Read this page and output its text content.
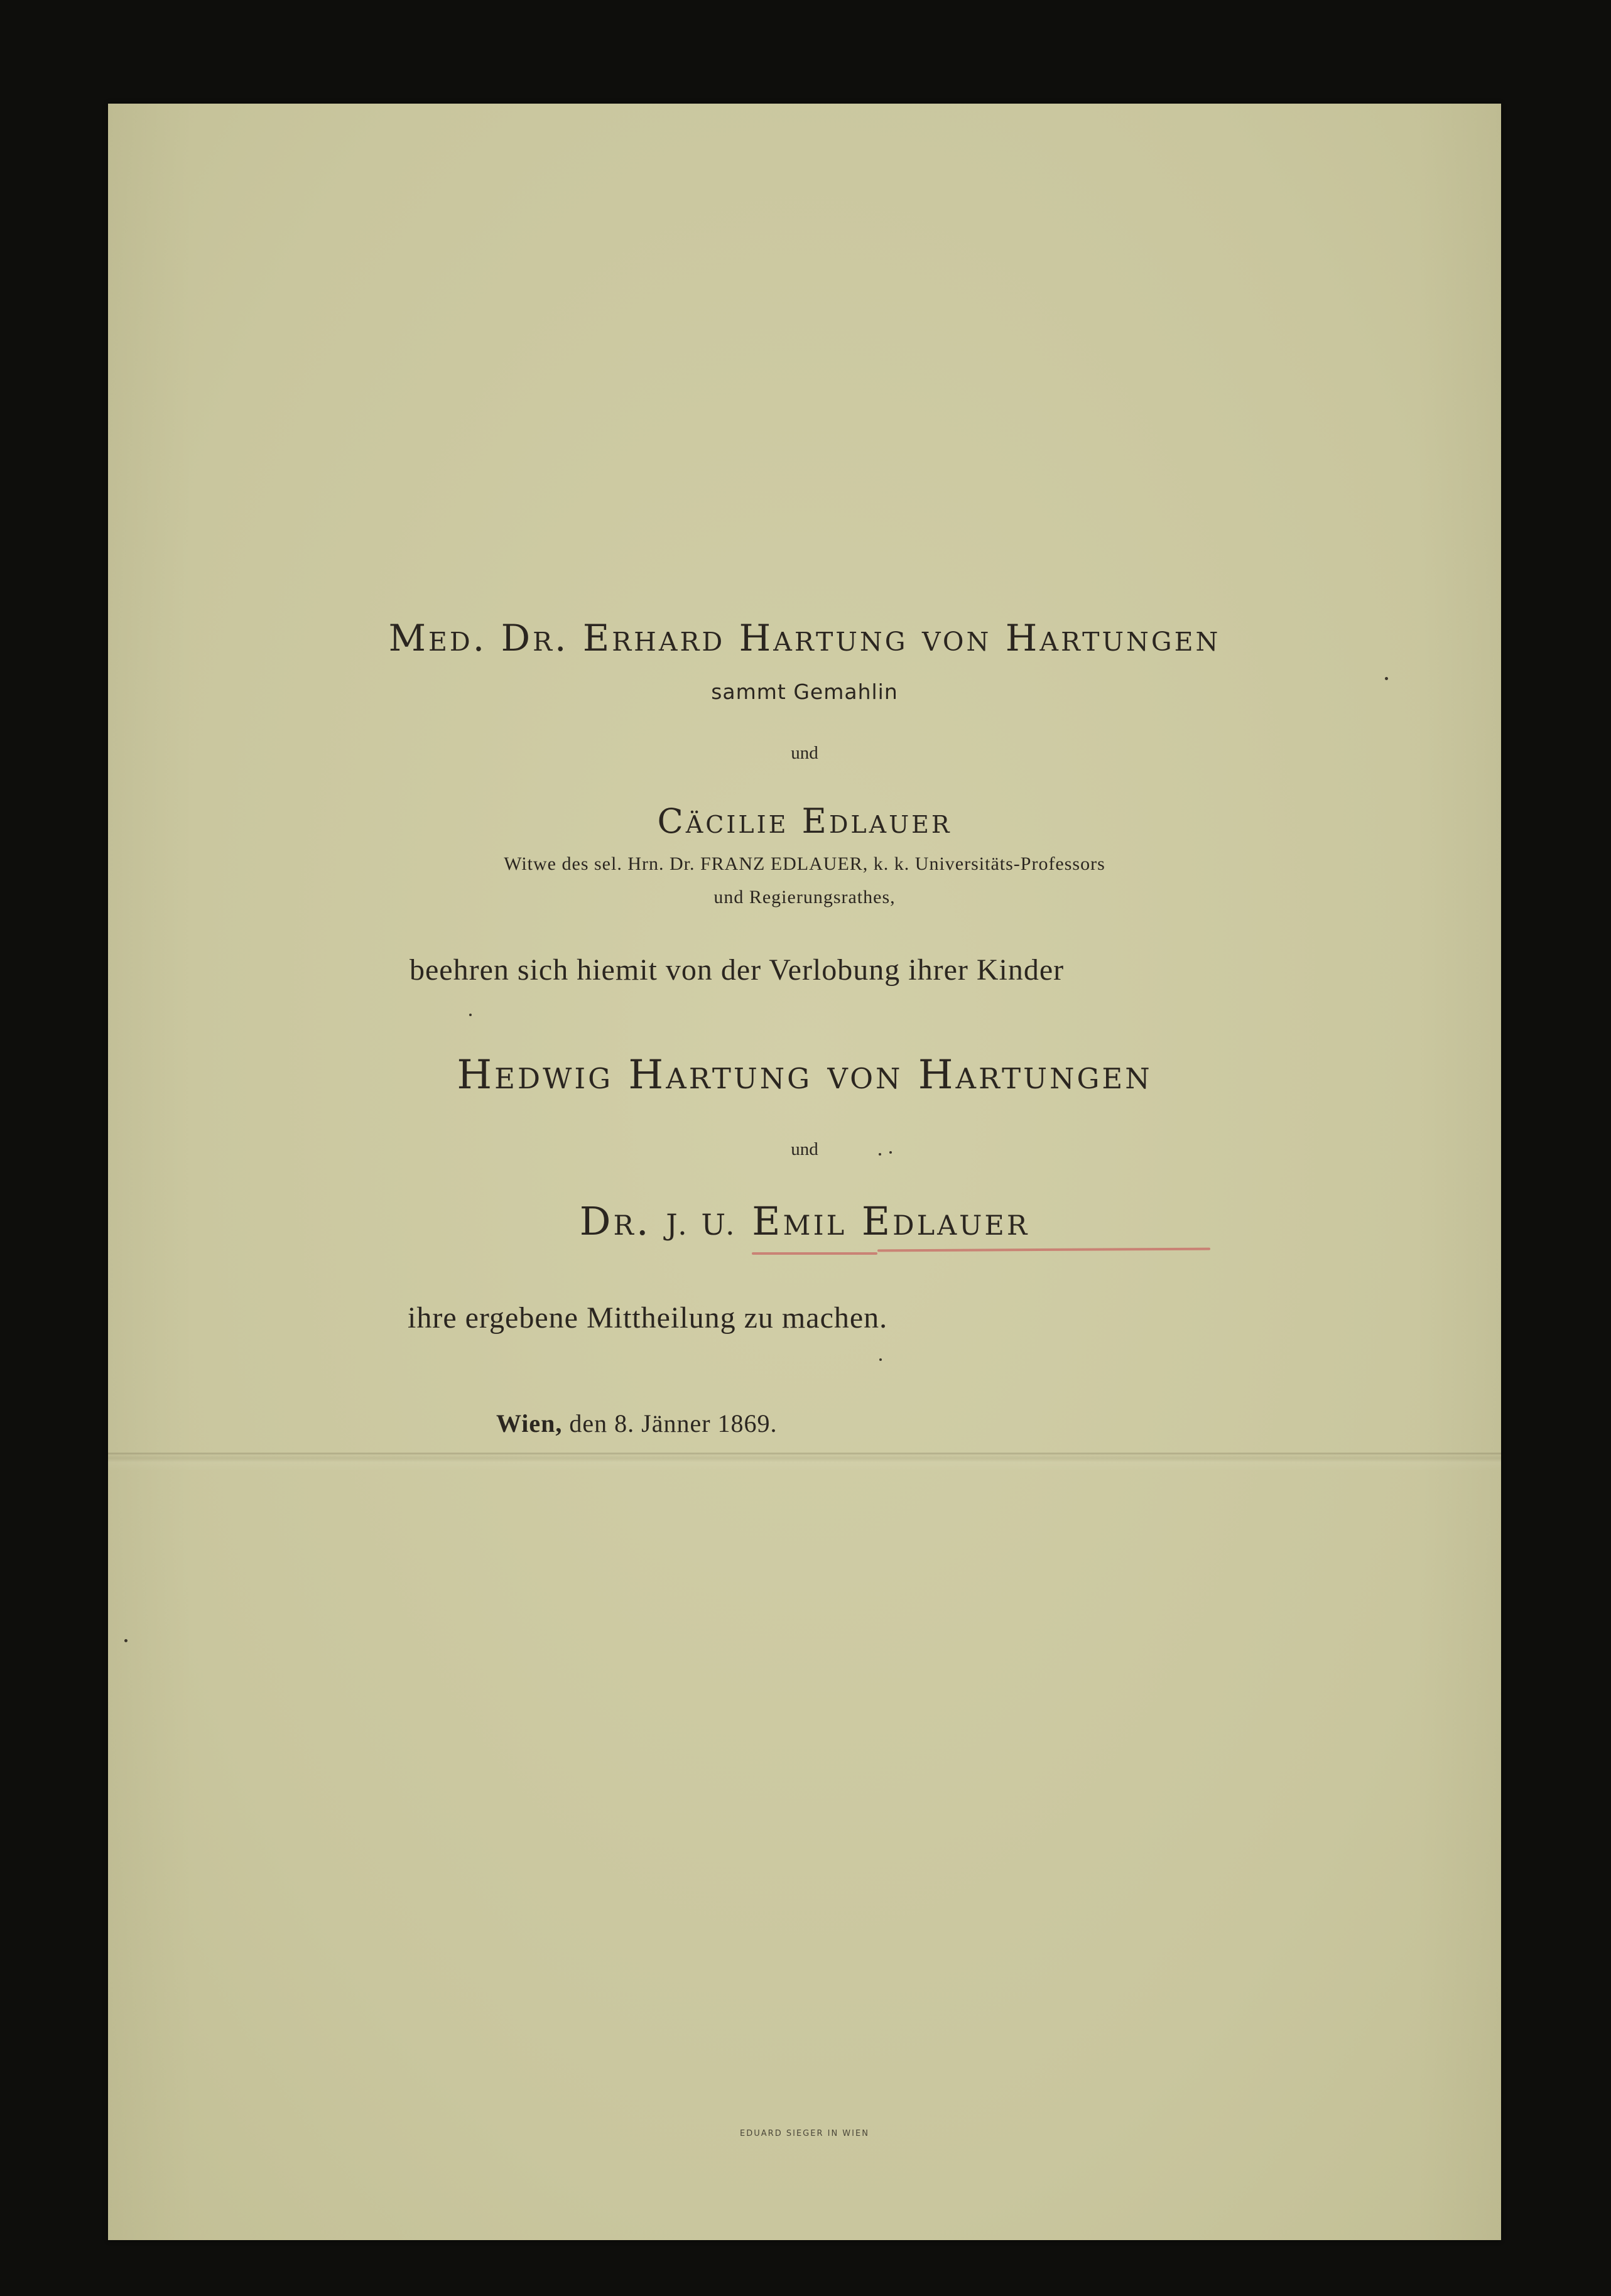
Med. Dr. Erhard Hartung von Hartungen
sammt Gemahlin
und
Cäcilie Edlauer
Witwe des sel. Hrn. Dr. FRANZ EDLAUER, k. k. Universitäts-Professors
und Regierungsrathes,
beehren sich hiemit von der Verlobung ihrer Kinder
Hedwig Hartung von Hartungen
und
Dr. J. U. Emil Edlauer
ihre ergebene Mittheilung zu machen.
Wien, den 8. Jänner 1869.
EDUARD SIEGER IN WIEN
